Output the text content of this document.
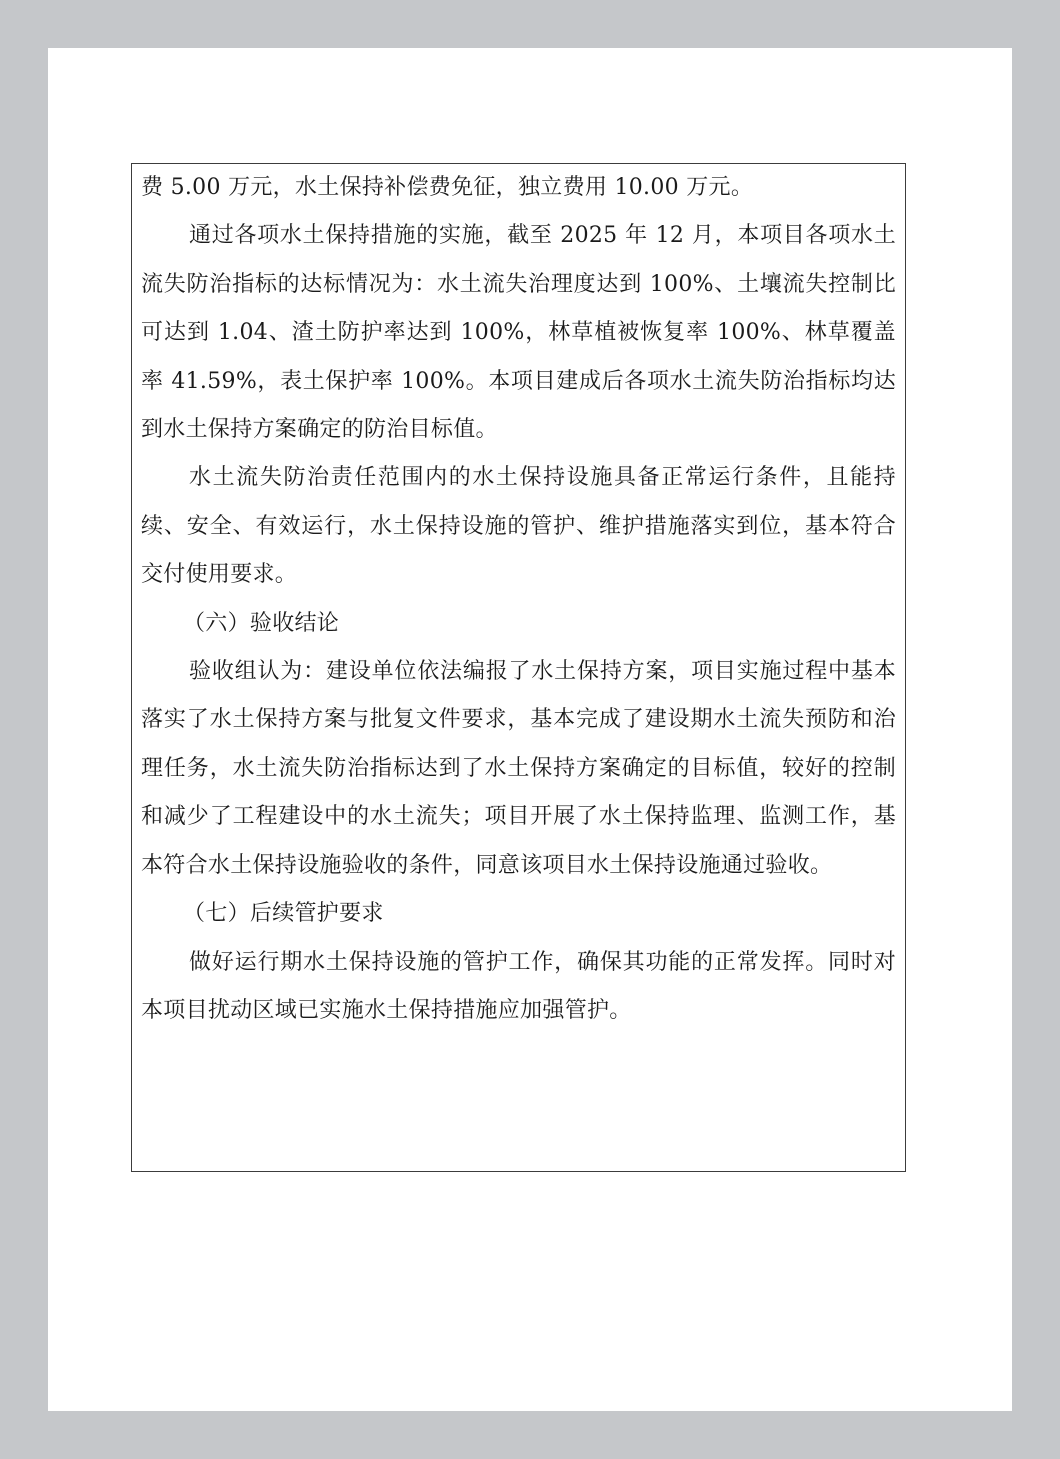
费 5.00 万元，水土保持补偿费免征，独立费用 10.00 万元。

通过各项水土保持措施的实施，截至 2025 年 12 月，本项目各项水土流失防治指标的达标情况为：水土流失治理度达到 100%、土壤流失控制比可达到 1.04、渣土防护率达到 100%，林草植被恢复率 100%、林草覆盖率 41.59%，表土保护率 100%。本项目建成后各项水土流失防治指标均达到水土保持方案确定的防治目标值。

水土流失防治责任范围内的水土保持设施具备正常运行条件，且能持续、安全、有效运行，水土保持设施的管护、维护措施落实到位，基本符合交付使用要求。

（六）验收结论

验收组认为：建设单位依法编报了水土保持方案，项目实施过程中基本落实了水土保持方案与批复文件要求，基本完成了建设期水土流失预防和治理任务，水土流失防治指标达到了水土保持方案确定的目标值，较好的控制和减少了工程建设中的水土流失；项目开展了水土保持监理、监测工作，基本符合水土保持设施验收的条件，同意该项目水土保持设施通过验收。

（七）后续管护要求

做好运行期水土保持设施的管护工作，确保其功能的正常发挥。同时对本项目扰动区域已实施水土保持措施应加强管护。
